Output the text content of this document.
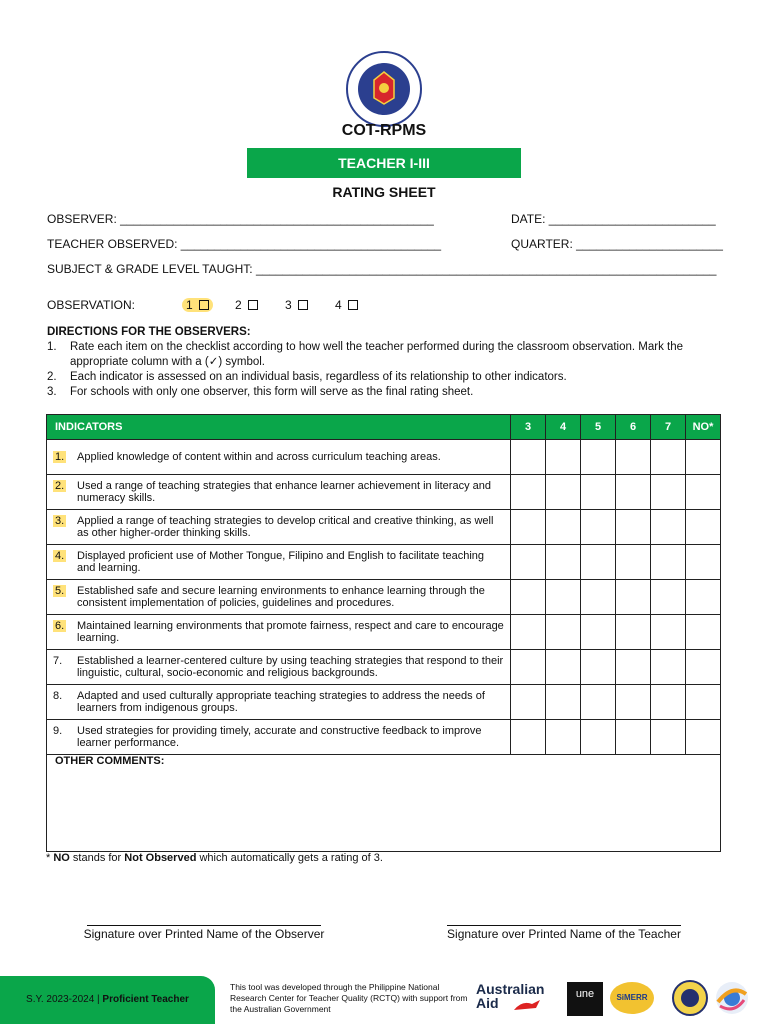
COT-RPMS
TEACHER I-III
RATING SHEET
OBSERVER: _______________________________________________	DATE: _________________________
TEACHER OBSERVED: _______________________________________	QUARTER: ______________________
SUBJECT & GRADE LEVEL TAUGHT: _____________________________________________________________________
OBSERVATION:	1	2	3	4
DIRECTIONS FOR THE OBSERVERS:
1.	Rate each item on the checklist according to how well the teacher performed during the classroom observation. Mark the appropriate column with a (✓) symbol.
2.	Each indicator is assessed on an individual basis, regardless of its relationship to other indicators.
3.	For schools with only one observer, this form will serve as the final rating sheet.
INDICATORS	3	4	5	6	7	NO*

1. Applied knowledge of content within and across curriculum teaching areas.						

2. Used a range of teaching strategies that enhance learner achievement in literacy and numeracy skills.						

3. Applied a range of teaching strategies to develop critical and creative thinking, as well as other higher-order thinking skills.						

4. Displayed proficient use of Mother Tongue, Filipino and English to facilitate teaching and learning.						

5. Established safe and secure learning environments to enhance learning through the consistent implementation of policies, guidelines and procedures.						

6. Maintained learning environments that promote fairness, respect and care to encourage learning.						

7. Established a learner-centered culture by using teaching strategies that respond to their linguistic, cultural, socio-economic and religious backgrounds.						

8. Adapted and used culturally appropriate teaching strategies to address the needs of learners from indigenous groups.						

9. Used strategies for providing timely, accurate and constructive feedback to improve learner performance.						

OTHER COMMENTS:
* NO stands for Not Observed which automatically gets a rating of 3.
Signature over Printed Name of the Observer	Signature over Printed Name of the Teacher
S.Y. 2023-2024 | Proficient Teacher
This tool was developed through the Philippine National Research Center for Teacher Quality (RCTQ) with support from the Australian Government
Australian
Aid
une	SiMERR
